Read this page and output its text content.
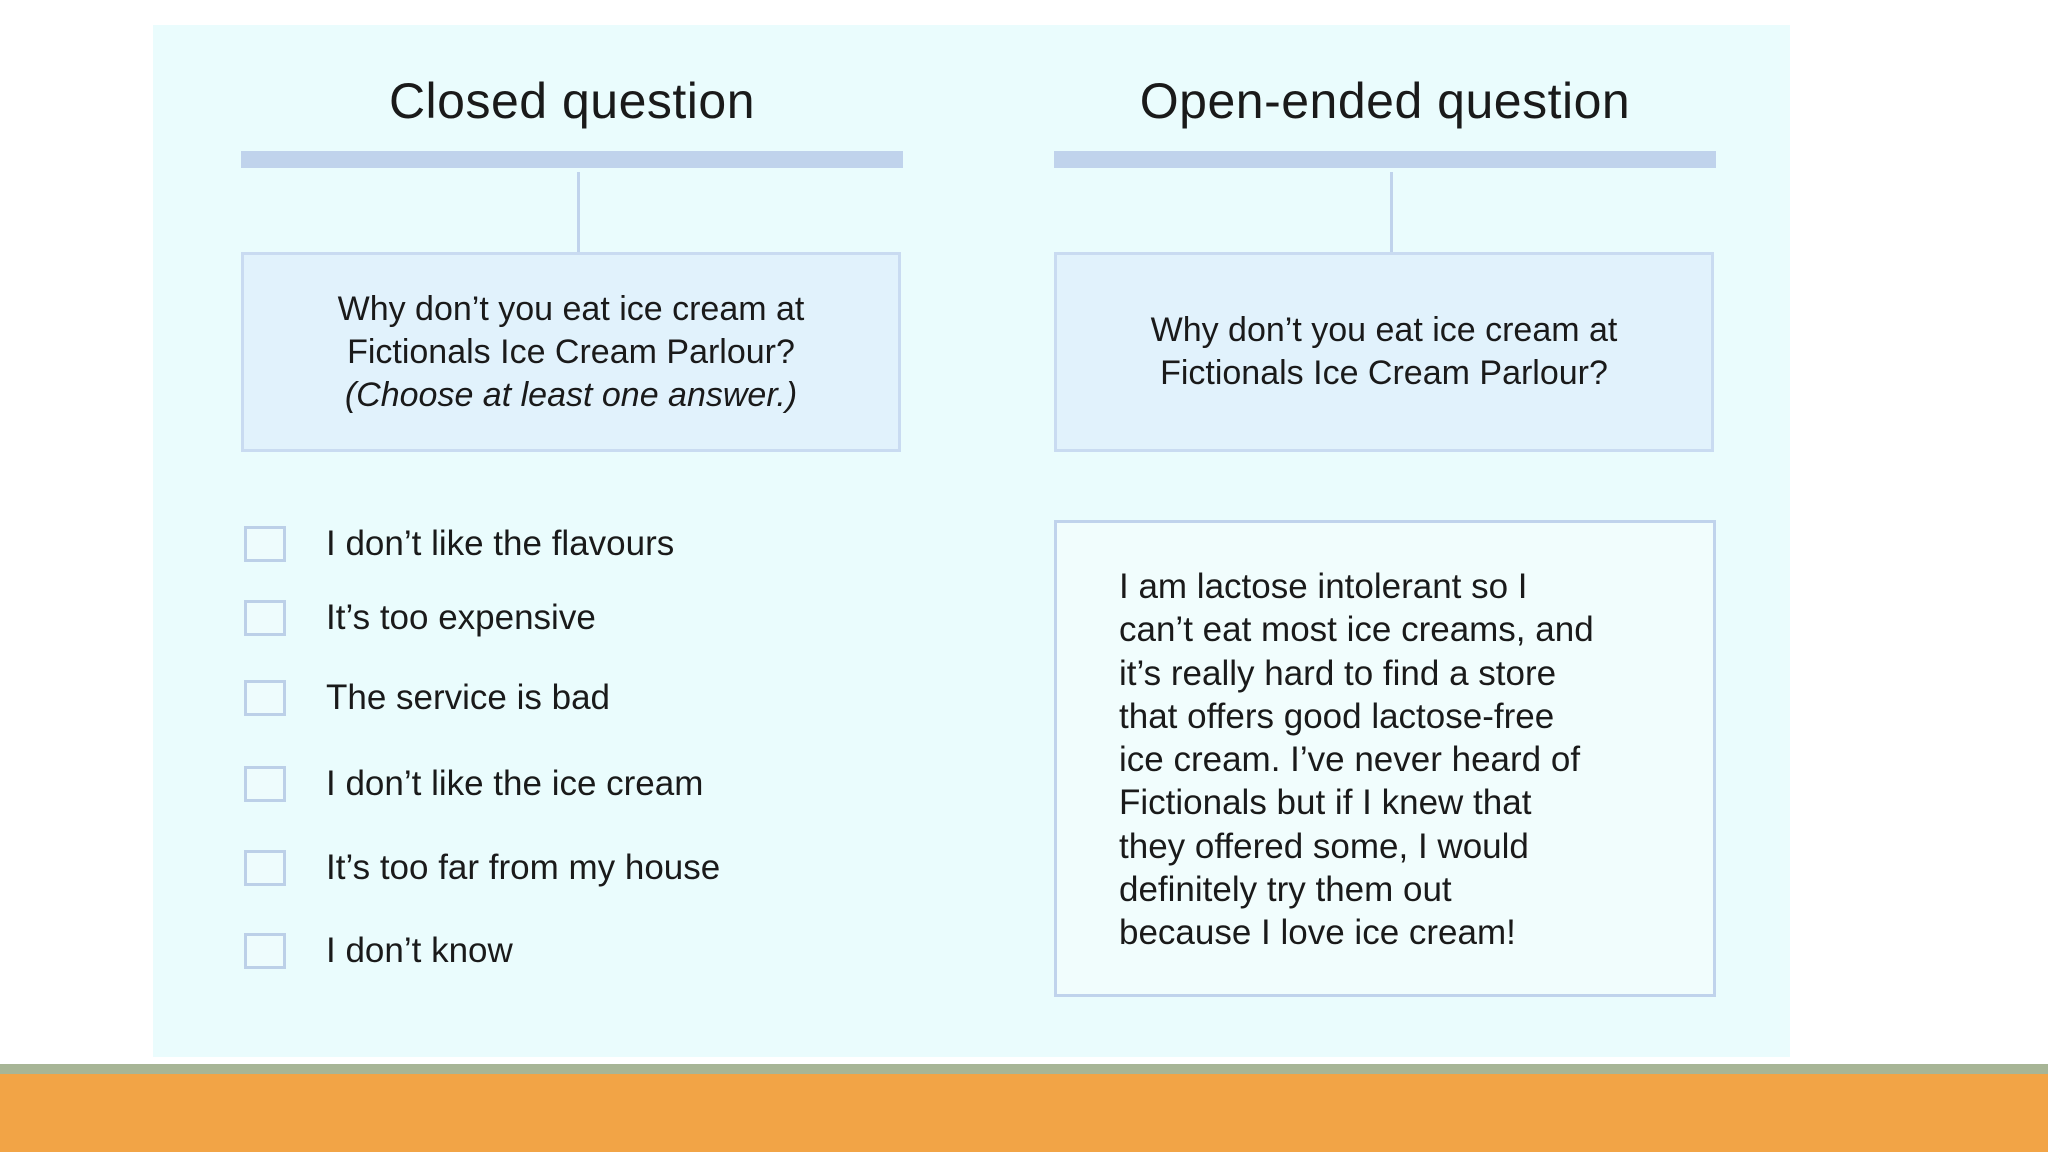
Closed question
Why don’t you eat ice cream at
Fictionals Ice Cream Parlour?
(Choose at least one answer.)
I don’t like the flavours
It’s too expensive
The service is bad
I don’t like the ice cream
It’s too far from my house
I don’t know
Open-ended question
Why don’t you eat ice cream at
Fictionals Ice Cream Parlour?
I am lactose intolerant so I
can’t eat most ice creams, and
it’s really hard to find a store
that offers good lactose-free
ice cream. I’ve never heard of
Fictionals but if I knew that
they offered some, I would
definitely try them out
because I love ice cream!
